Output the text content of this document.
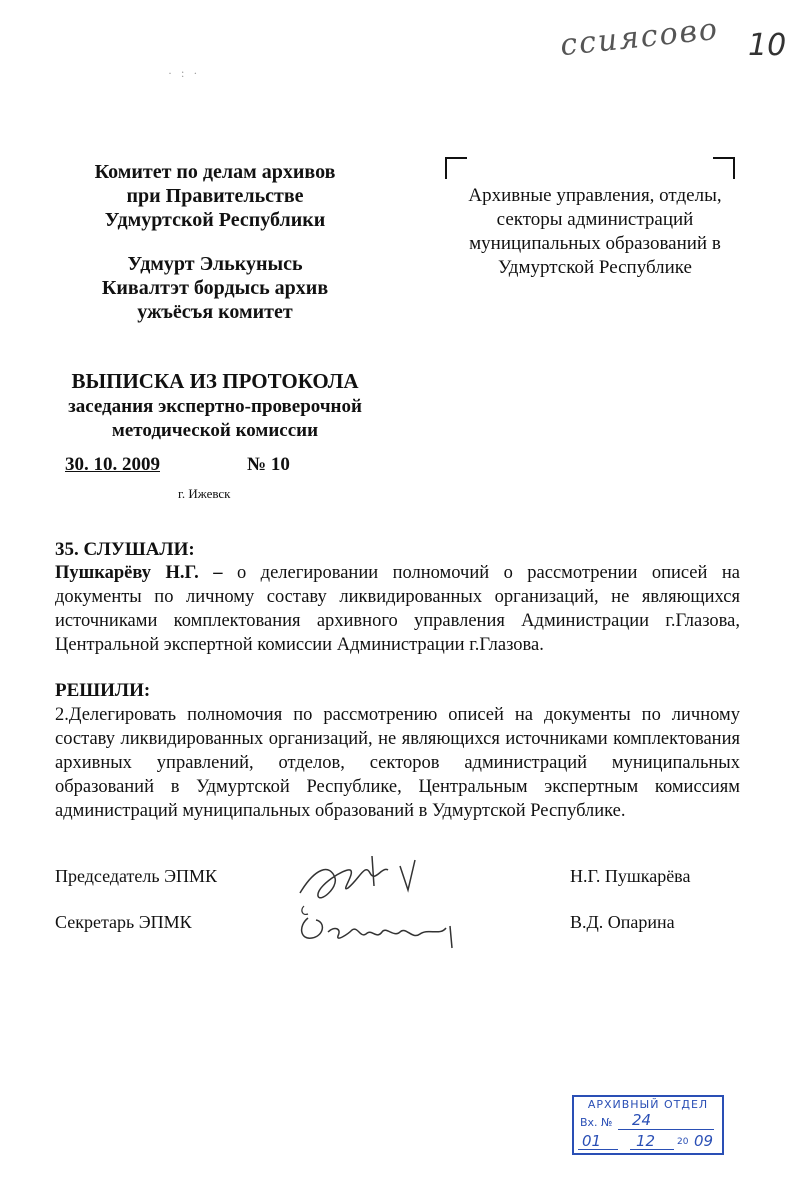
ссиясово 10
· : ·
Комитет по делам архивов
при Правительстве
Удмуртской Республики
Удмурт Элькунысь
Кивалтэт бордысь архив
ужъёсъя комитет
Архивные управления, отделы,
секторы администраций
муниципальных образований в
Удмуртской Республике
ВЫПИСКА ИЗ ПРОТОКОЛА
заседания экспертно-проверочной
методической комиссии
30. 10. 2009	№ 10
г. Ижевск
35. СЛУШАЛИ:
Пушкарёву Н.Г. – о делегировании полномочий о рассмотрении описей на документы по личному составу ликвидированных организаций, не являющихся источниками комплектования архивного управления Администрации г.Глазова, Центральной экспертной комиссии Администрации г.Глазова.
РЕШИЛИ:
2.Делегировать полномочия по рассмотрению описей на документы по личному составу ликвидированных организаций, не являющихся источниками комплектования архивных управлений, отделов, секторов администраций муниципальных образований в Удмуртской Республике, Центральным экспертным комиссиям администраций муниципальных образований в Удмуртской Республике.
Председатель ЭПМК	Н.Г. Пушкарёва
Секретарь ЭПМК	В.Д. Опарина
АРХИВНЫЙ ОТДЕЛ
Вх. № 24
01 12 20 09
